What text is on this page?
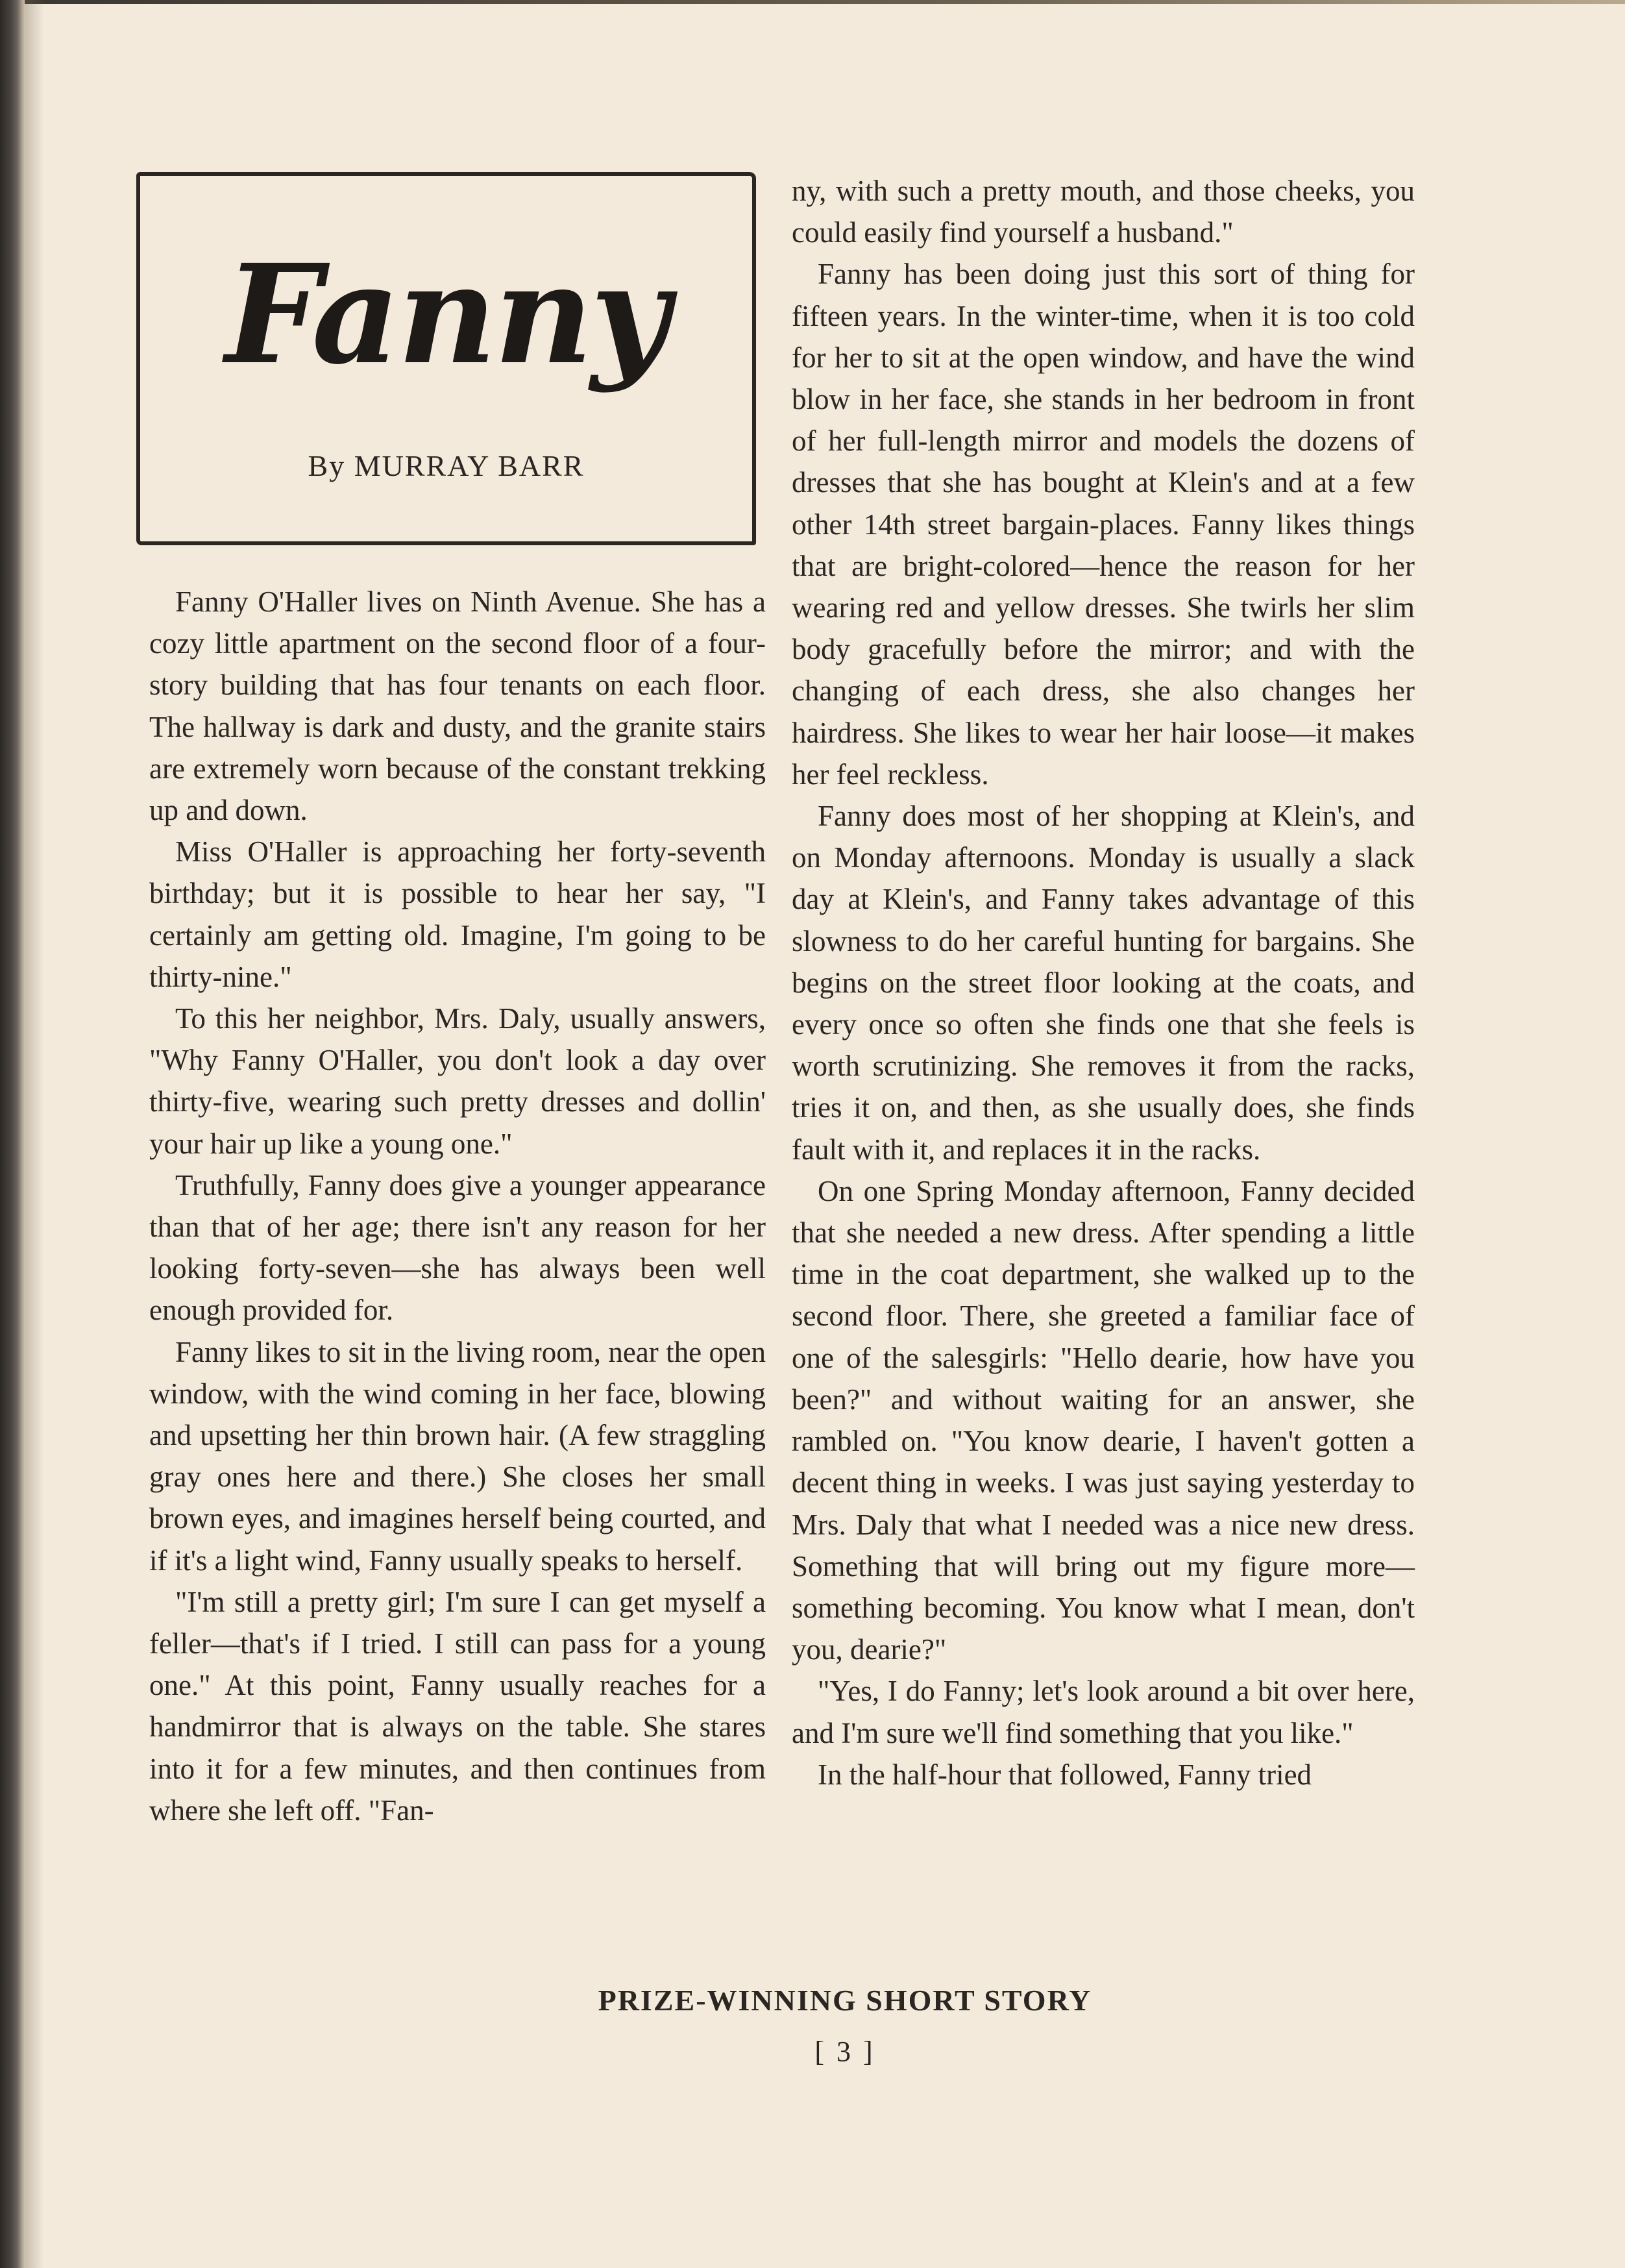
Fanny
By MURRAY BARR

Fanny O'Haller lives on Ninth Avenue. She has a cozy little apartment on the second floor of a four-story building that has four tenants on each floor. The hallway is dark and dusty, and the granite stairs are extremely worn because of the constant trekking up and down.

Miss O'Haller is approaching her forty-seventh birthday; but it is possible to hear her say, "I certainly am getting old. Imagine, I'm going to be thirty-nine."

To this her neighbor, Mrs. Daly, usually answers, "Why Fanny O'Haller, you don't look a day over thirty-five, wearing such pretty dresses and dollin' your hair up like a young one."

Truthfully, Fanny does give a younger appearance than that of her age; there isn't any reason for her looking forty-seven—she has always been well enough provided for.

Fanny likes to sit in the living room, near the open window, with the wind coming in her face, blowing and upsetting her thin brown hair. (A few straggling gray ones here and there.) She closes her small brown eyes, and imagines herself being courted, and if it's a light wind, Fanny usually speaks to herself.

"I'm still a pretty girl; I'm sure I can get myself a feller—that's if I tried. I still can pass for a young one." At this point, Fanny usually reaches for a handmirror that is always on the table. She stares into it for a few minutes, and then continues from where she left off. "Fan-

ny, with such a pretty mouth, and those cheeks, you could easily find yourself a husband."

Fanny has been doing just this sort of thing for fifteen years. In the winter-time, when it is too cold for her to sit at the open window, and have the wind blow in her face, she stands in her bedroom in front of her full-length mirror and models the dozens of dresses that she has bought at Klein's and at a few other 14th street bargain-places. Fanny likes things that are bright-colored—hence the reason for her wearing red and yellow dresses. She twirls her slim body gracefully before the mirror; and with the changing of each dress, she also changes her hairdress. She likes to wear her hair loose—it makes her feel reckless.

Fanny does most of her shopping at Klein's, and on Monday afternoons. Monday is usually a slack day at Klein's, and Fanny takes advantage of this slowness to do her careful hunting for bargains. She begins on the street floor looking at the coats, and every once so often she finds one that she feels is worth scrutinizing. She removes it from the racks, tries it on, and then, as she usually does, she finds fault with it, and replaces it in the racks.

On one Spring Monday afternoon, Fanny decided that she needed a new dress. After spending a little time in the coat department, she walked up to the second floor. There, she greeted a familiar face of one of the salesgirls: "Hello dearie, how have you been?" and without waiting for an answer, she rambled on. "You know dearie, I haven't gotten a decent thing in weeks. I was just saying yesterday to Mrs. Daly that what I needed was a nice new dress. Something that will bring out my figure more—something becoming. You know what I mean, don't you, dearie?"

"Yes, I do Fanny; let's look around a bit over here, and I'm sure we'll find something that you like."

In the half-hour that followed, Fanny tried

PRIZE-WINNING SHORT STORY
[ 3 ]
